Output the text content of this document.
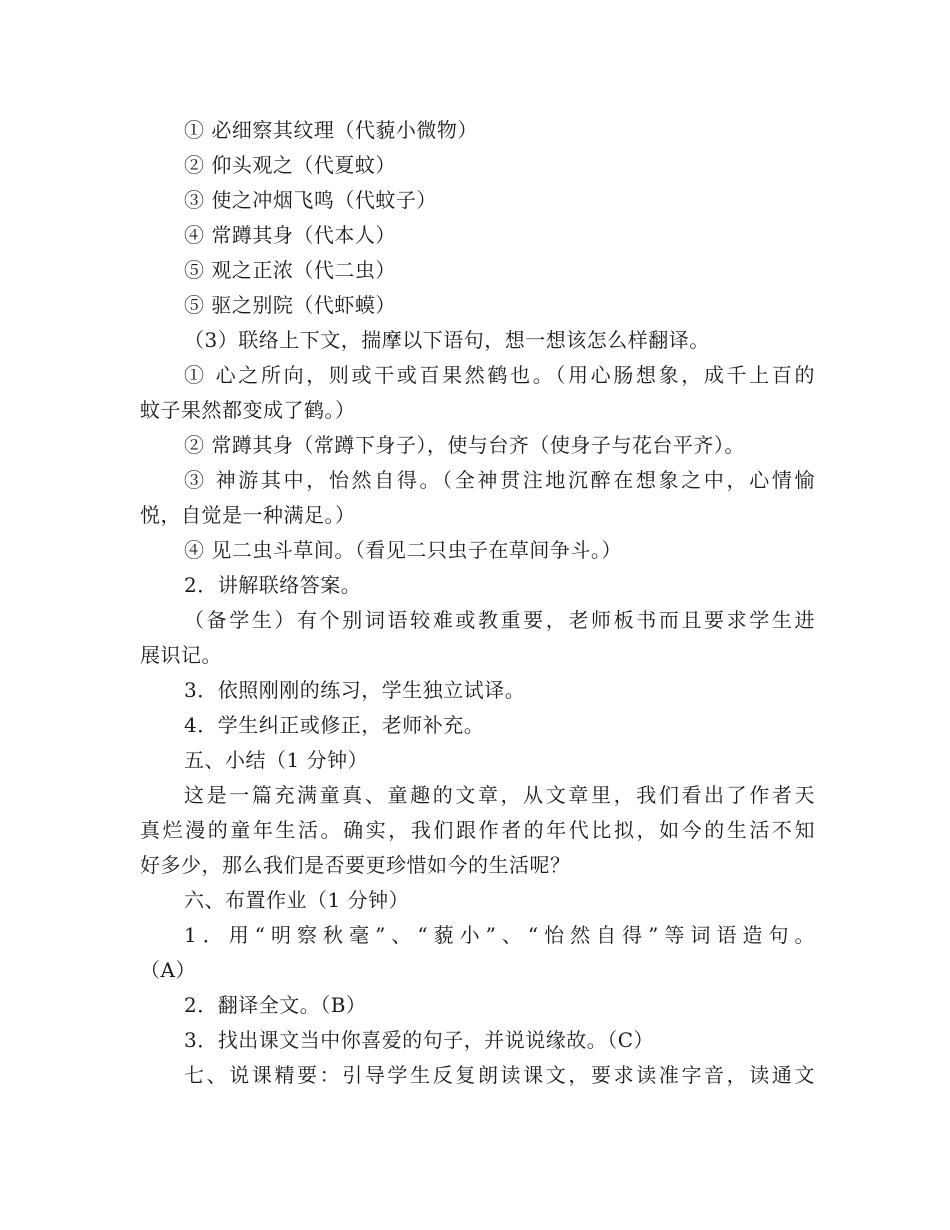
① 必细察其纹理（代藐小微物）
② 仰头观之（代夏蚊）
③ 使之冲烟飞鸣（代蚊子）
④ 常蹲其身（代本人）
⑤ 观之正浓（代二虫）
⑤ 驱之别院（代虾蟆）
（3）联络上下文，揣摩以下语句，想一想该怎么样翻译。
① 心之所向，则或干或百果然鹤也。（用心肠想象，成千上百的
蚊子果然都变成了鹤。）
② 常蹲其身（常蹲下身子），使与台齐（使身子与花台平齐）。
③ 神游其中，怡然自得。（全神贯注地沉醉在想象之中，心情愉
悦，自觉是一种满足。）
④ 见二虫斗草间。（看见二只虫子在草间争斗。）
2．讲解联络答案。
（备学生）有个别词语较难或教重要，老师板书而且要求学生进
展识记。
3．依照刚刚的练习，学生独立试译。
4．学生纠正或修正，老师补充。
五、小结（1 分钟）
这是一篇充满童真、童趣的文章，从文章里，我们看出了作者天
真烂漫的童年生活。确实，我们跟作者的年代比拟，如今的生活不知
好多少，那么我们是否要更珍惜如今的生活呢？
六、布置作业（1 分钟）
1．用“明察秋毫”、“藐小”、“怡然自得”等词语造句。
（A）
2．翻译全文。（B）
3．找出课文当中你喜爱的句子，并说说缘故。（C）
七、说课精要：引导学生反复朗读课文，要求读准字音，读通文
